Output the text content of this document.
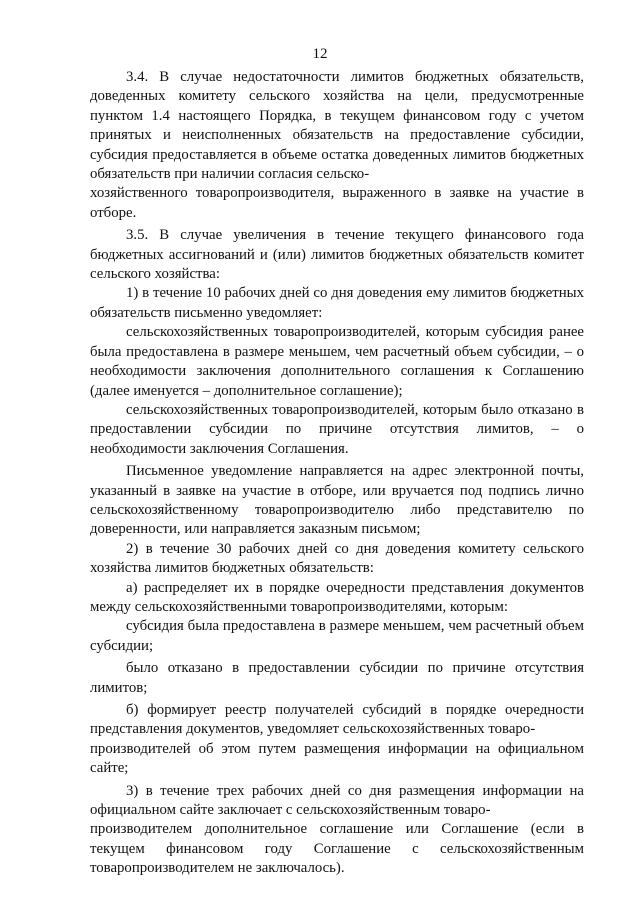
12

3.4. В случае недостаточности лимитов бюджетных обязательств, доведенных комитету сельского хозяйства на цели, предусмотренные пунктом 1.4 настоящего Порядка, в текущем финансовом году с учетом принятых и неисполненных обязательств на предоставление субсидии, субсидия предоставляется в объеме остатка доведенных лимитов бюджетных обязательств при наличии согласия сельско-
хозяйственного товаропроизводителя, выраженного в заявке на участие в отборе.

3.5. В случае увеличения в течение текущего финансового года бюджетных ассигнований и (или) лимитов бюджетных обязательств комитет сельского хозяйства:

1) в течение 10 рабочих дней со дня доведения ему лимитов бюджетных обязательств письменно уведомляет:

сельскохозяйственных товаропроизводителей, которым субсидия ранее была предоставлена в размере меньшем, чем расчетный объем субсидии, – о необходимости заключения дополнительного соглашения к Соглашению (далее именуется – дополнительное соглашение);

сельскохозяйственных товаропроизводителей, которым было отказано в предоставлении субсидии по причине отсутствия лимитов, – о необходимости заключения Соглашения.

Письменное уведомление направляется на адрес электронной почты, указанный в заявке на участие в отборе, или вручается под подпись лично сельскохозяйственному товаропроизводителю либо представителю по доверенности, или направляется заказным письмом;

2) в течение 30 рабочих дней со дня доведения комитету сельского хозяйства лимитов бюджетных обязательств:

а) распределяет их в порядке очередности представления документов между сельскохозяйственными товаропроизводителями, которым:

субсидия была предоставлена в размере меньшем, чем расчетный объем субсидии;

было отказано в предоставлении субсидии по причине отсутствия лимитов;

б) формирует реестр получателей субсидий в порядке очередности представления документов, уведомляет сельскохозяйственных товаро-
производителей об этом путем размещения информации на официальном сайте;

3) в течение трех рабочих дней со дня размещения информации на официальном сайте заключает с сельскохозяйственным товаро-
производителем дополнительное соглашение или Соглашение (если в текущем финансовом году Соглашение с сельскохозяйственным товаропроизводителем не заключалось).
